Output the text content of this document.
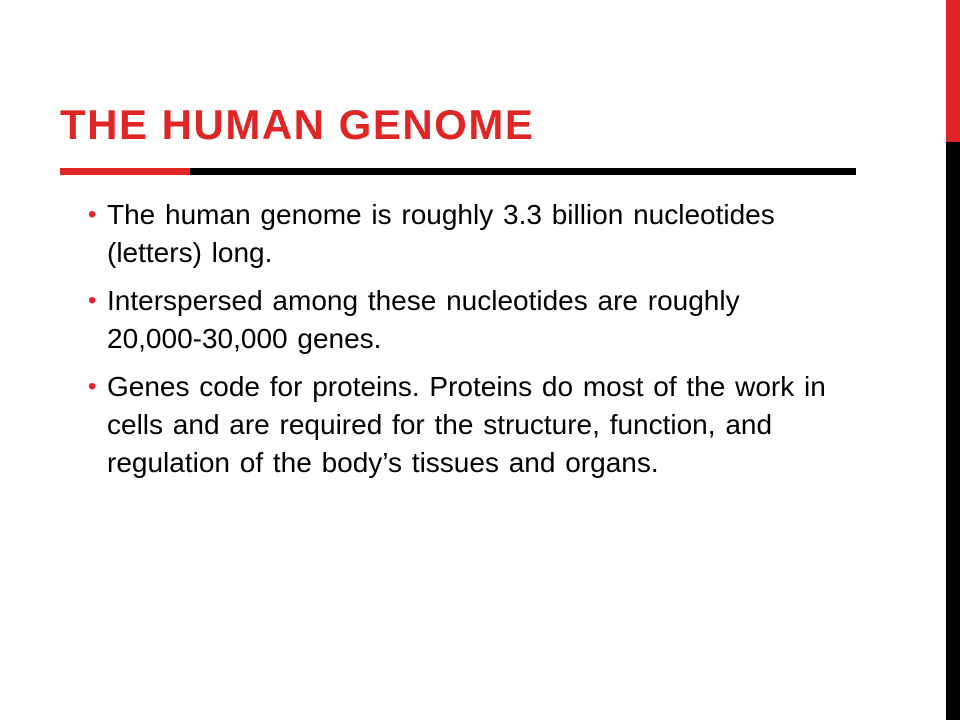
THE HUMAN GENOME
• The human genome is roughly 3.3 billion nucleotides (letters) long.
• Interspersed among these nucleotides are roughly 20,000-30,000 genes.
• Genes code for proteins. Proteins do most of the work in cells and are required for the structure, function, and regulation of the body’s tissues and organs.
